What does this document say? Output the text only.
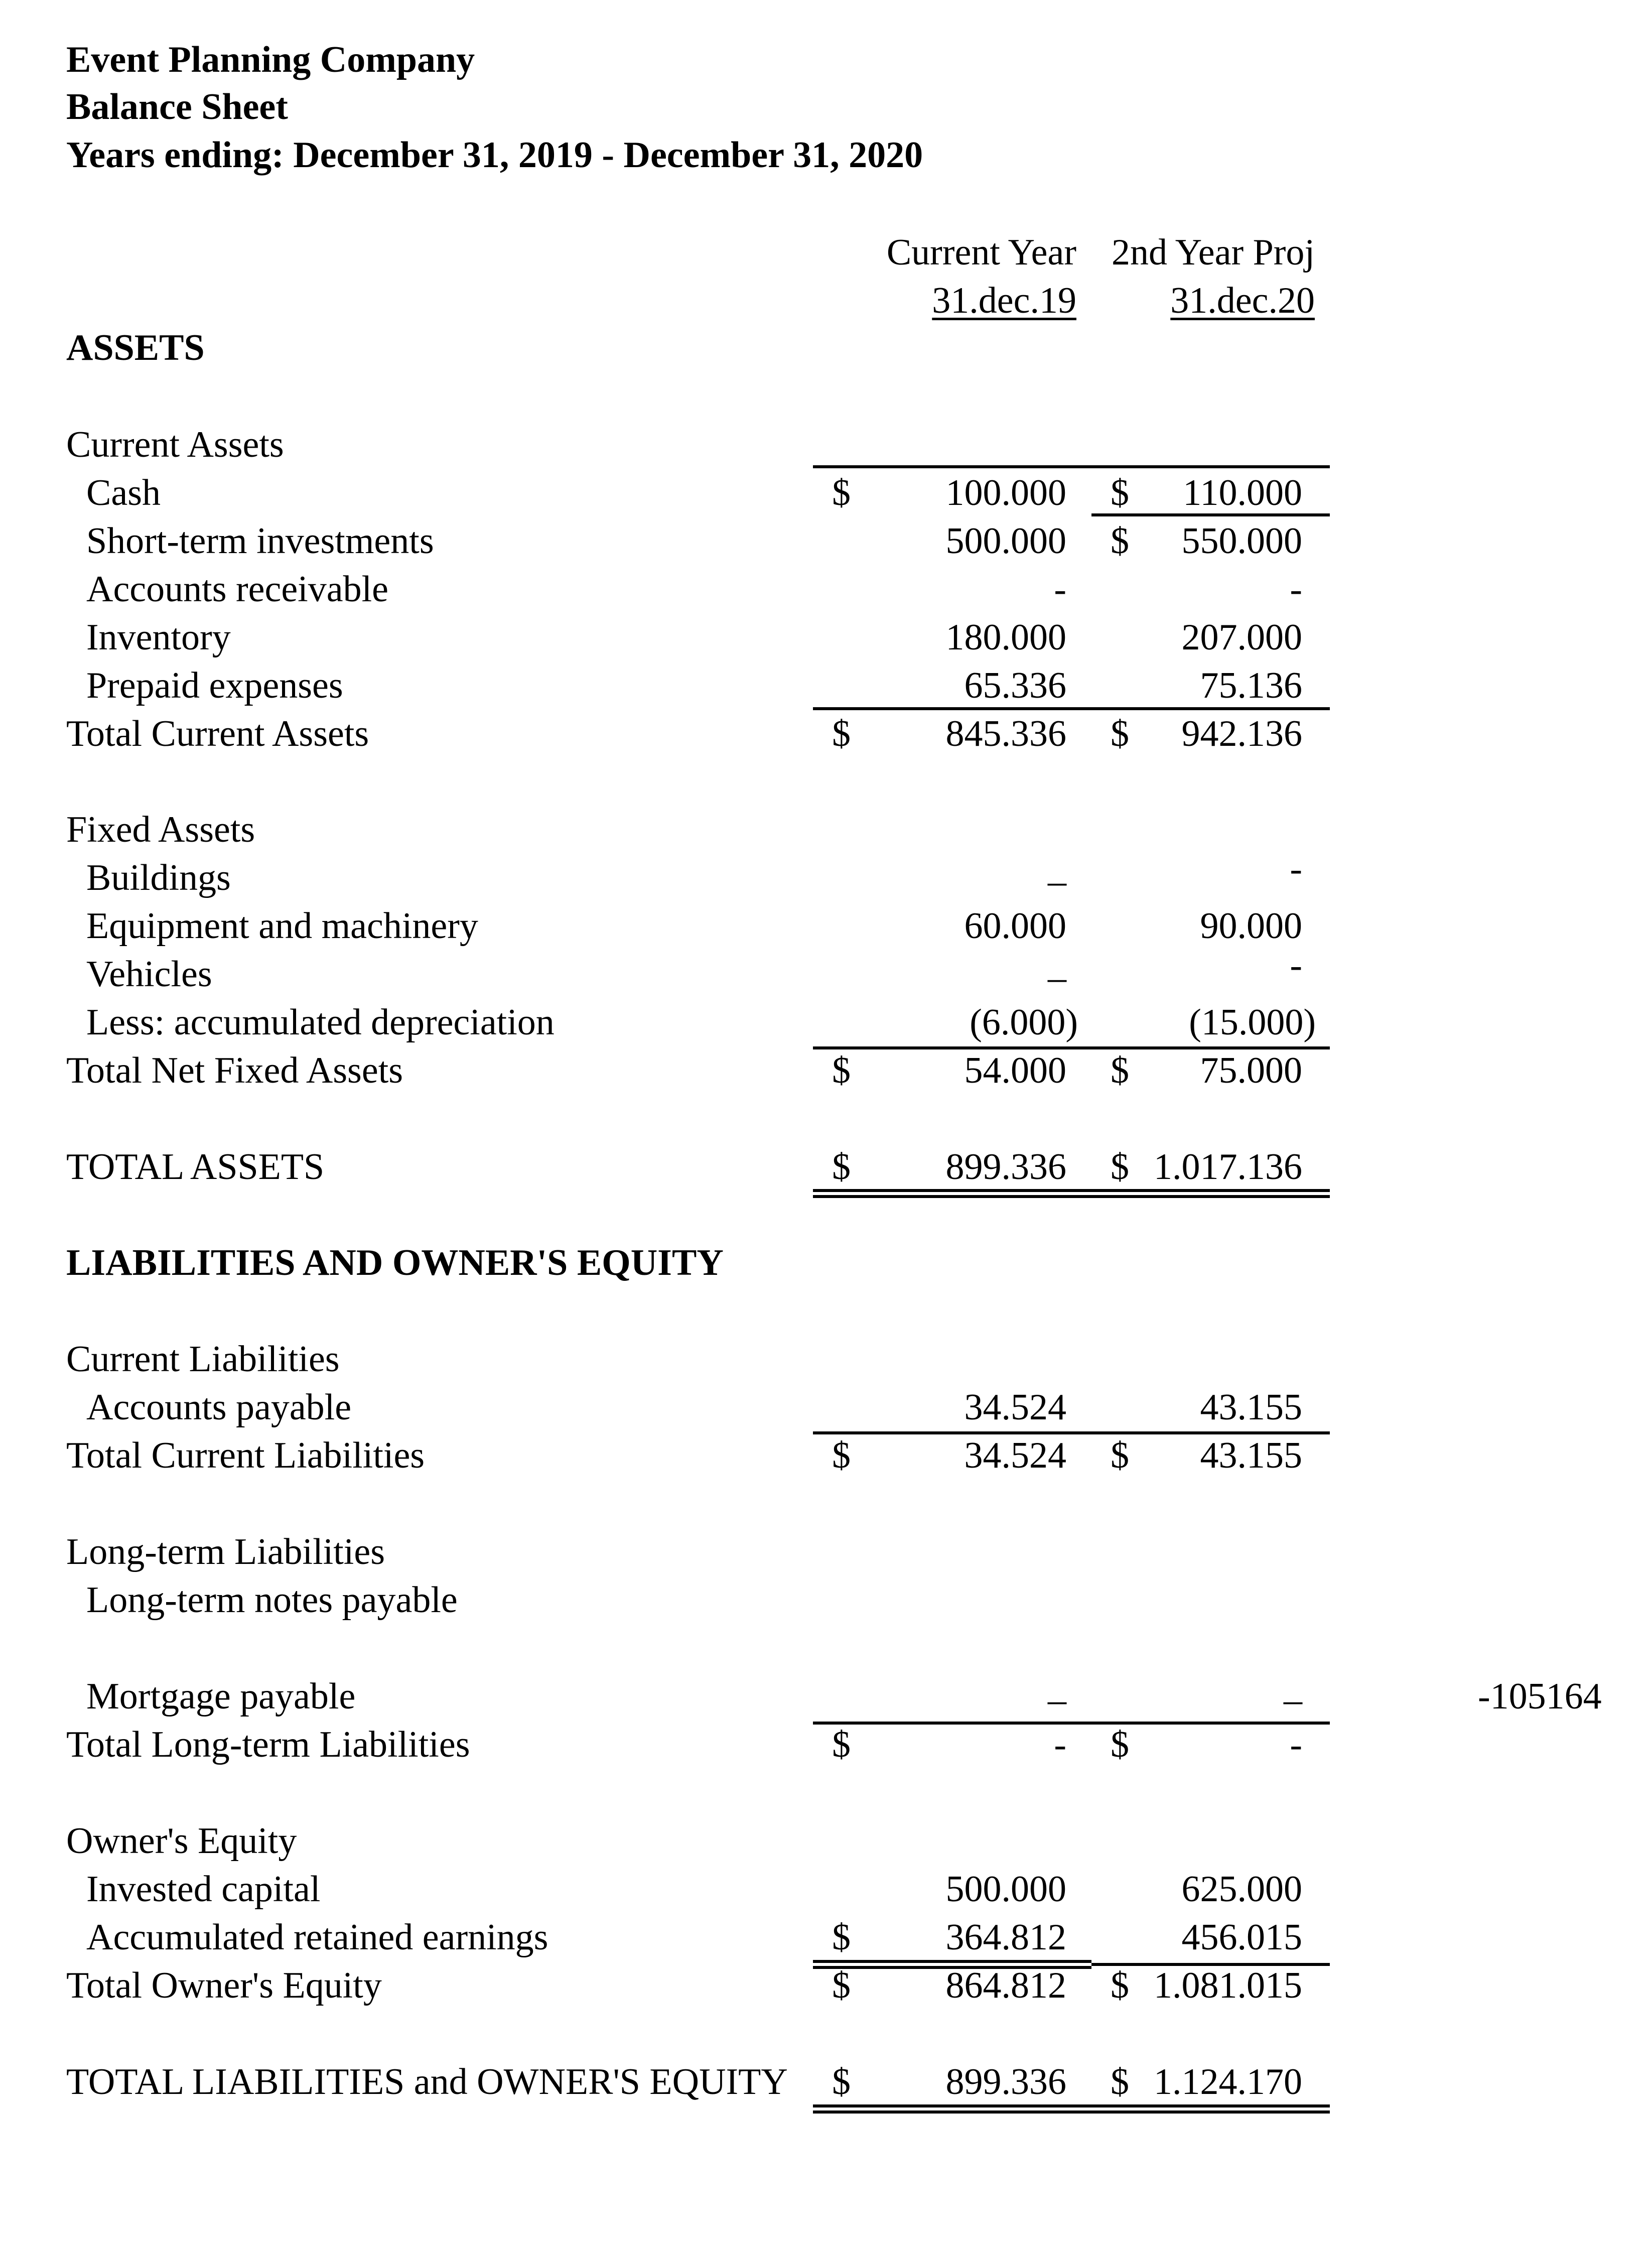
Event Planning Company
Balance Sheet
Years ending: December 31, 2019 - December 31, 2020
Current Year 2nd Year Proj
31.dec.19	31.dec.20
ASSETS
Current Assets
Cash	$	100.000 $ 110.000
Short-term investments	500.000 $ 550.000
Accounts receivable	-	-
Inventory	180.000	207.000
Prepaid expenses	65.336	75.136
Total Current Assets	$	845.336 $ 942.136
Fixed Assets
Buildings	_	-
Equipment and machinery	60.000	90.000
Vehicles	_	-
Less: accumulated depreciation	(6.000)	(15.000)
Total Net Fixed Assets	$	54.000 $ 75.000
TOTAL ASSETS	$	899.336 $ 1.017.136
LIABILITIES AND OWNER'S EQUITY
Current Liabilities
Accounts payable	34.524	43.155
Total Current Liabilities	$	34.524 $ 43.155
Long-term Liabilities
Long-term notes payable
Mortgage payable	_	_	-105164
Total Long-term Liabilities	$	- $	-
Owner's Equity
Invested capital	500.000	625.000
Accumulated retained earnings	$	364.812	456.015
Total Owner's Equity	$	864.812 $ 1.081.015
TOTAL LIABILITIES and OWNER'S EQUITY $	899.336 $ 1.124.170
